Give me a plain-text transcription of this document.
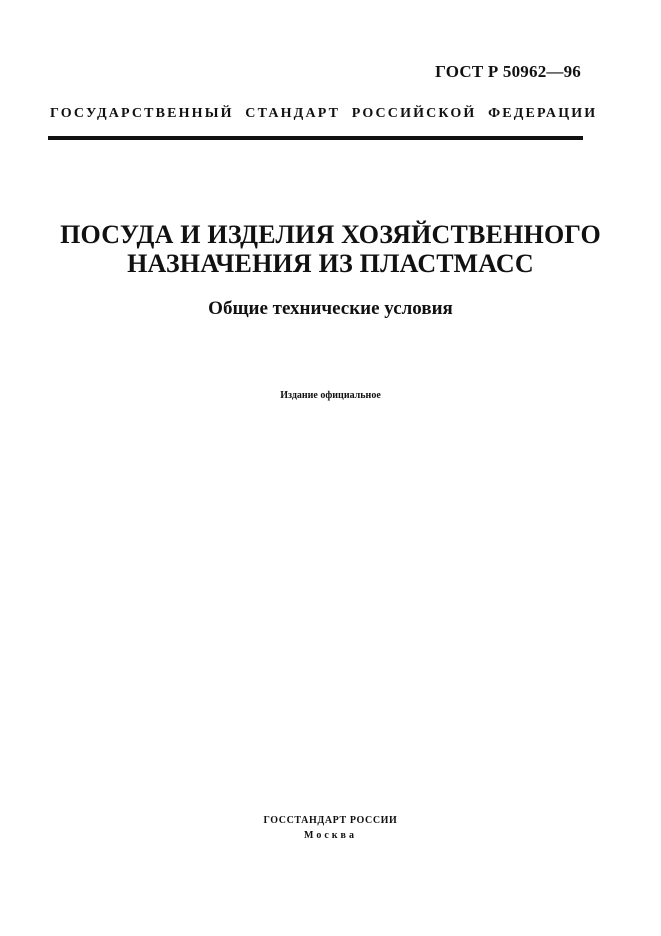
ГОСТ Р 50962—96
ГОСУДАРСТВЕННЫЙ СТАНДАРТ РОССИЙСКОЙ ФЕДЕРАЦИИ
ПОСУДА И ИЗДЕЛИЯ ХОЗЯЙСТВЕННОГО
НАЗНАЧЕНИЯ ИЗ ПЛАСТМАСС
Общие технические условия
Издание официальное
ГОССТАНДАРТ РОССИИ
Москва
